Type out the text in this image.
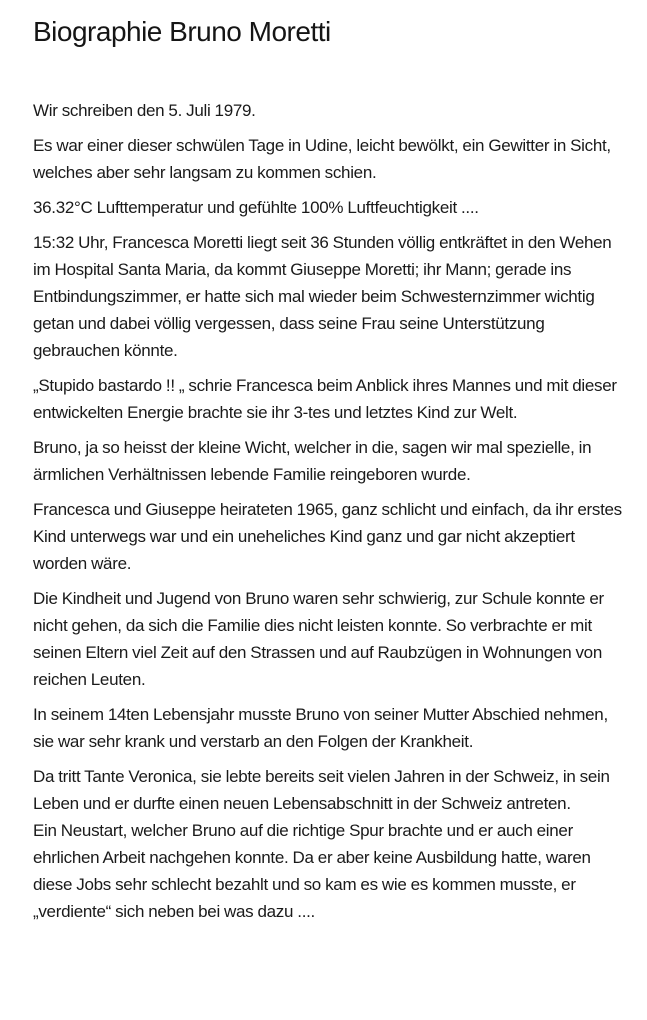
Biographie Bruno Moretti

Wir schreiben den 5. Juli 1979.

Es war einer dieser schwülen Tage in Udine, leicht bewölkt, ein Gewitter in Sicht, welches aber sehr langsam zu kommen schien.

36.32°C Lufttemperatur und gefühlte 100% Luftfeuchtigkeit ....

15:32 Uhr, Francesca Moretti liegt seit 36 Stunden völlig entkräftet in den Wehen im Hospital Santa Maria, da kommt Giuseppe Moretti; ihr Mann; gerade ins Entbindungszimmer, er hatte sich mal wieder beim Schwesternzimmer wichtig getan und dabei völlig vergessen, dass seine Frau seine Unterstützung gebrauchen könnte.

„Stupido bastardo !! „ schrie Francesca beim Anblick ihres Mannes und mit dieser entwickelten Energie brachte sie ihr 3-tes und letztes Kind zur Welt.

Bruno, ja so heisst der kleine Wicht, welcher in die, sagen wir mal spezielle, in ärmlichen Verhältnissen lebende Familie reingeboren wurde.

Francesca und Giuseppe heirateten 1965, ganz schlicht und einfach, da ihr erstes Kind unterwegs war und ein uneheliches Kind ganz und gar nicht akzeptiert worden wäre.

Die Kindheit und Jugend von Bruno waren sehr schwierig, zur Schule konnte er nicht gehen, da sich die Familie dies nicht leisten konnte. So verbrachte er mit seinen Eltern viel Zeit auf den Strassen und auf Raubzügen in Wohnungen von reichen Leuten.

In seinem 14ten Lebensjahr musste Bruno von seiner Mutter Abschied nehmen, sie war sehr krank und verstarb an den Folgen der Krankheit.

Da tritt Tante Veronica, sie lebte bereits seit vielen Jahren in der Schweiz, in sein Leben und er durfte einen neuen Lebensabschnitt in der Schweiz antreten.

Ein Neustart, welcher Bruno auf die richtige Spur brachte und er auch einer ehrlichen Arbeit nachgehen konnte. Da er aber keine Ausbildung hatte, waren diese Jobs sehr schlecht bezahlt und so kam es wie es kommen musste, er „verdiente“ sich neben bei was dazu ....
